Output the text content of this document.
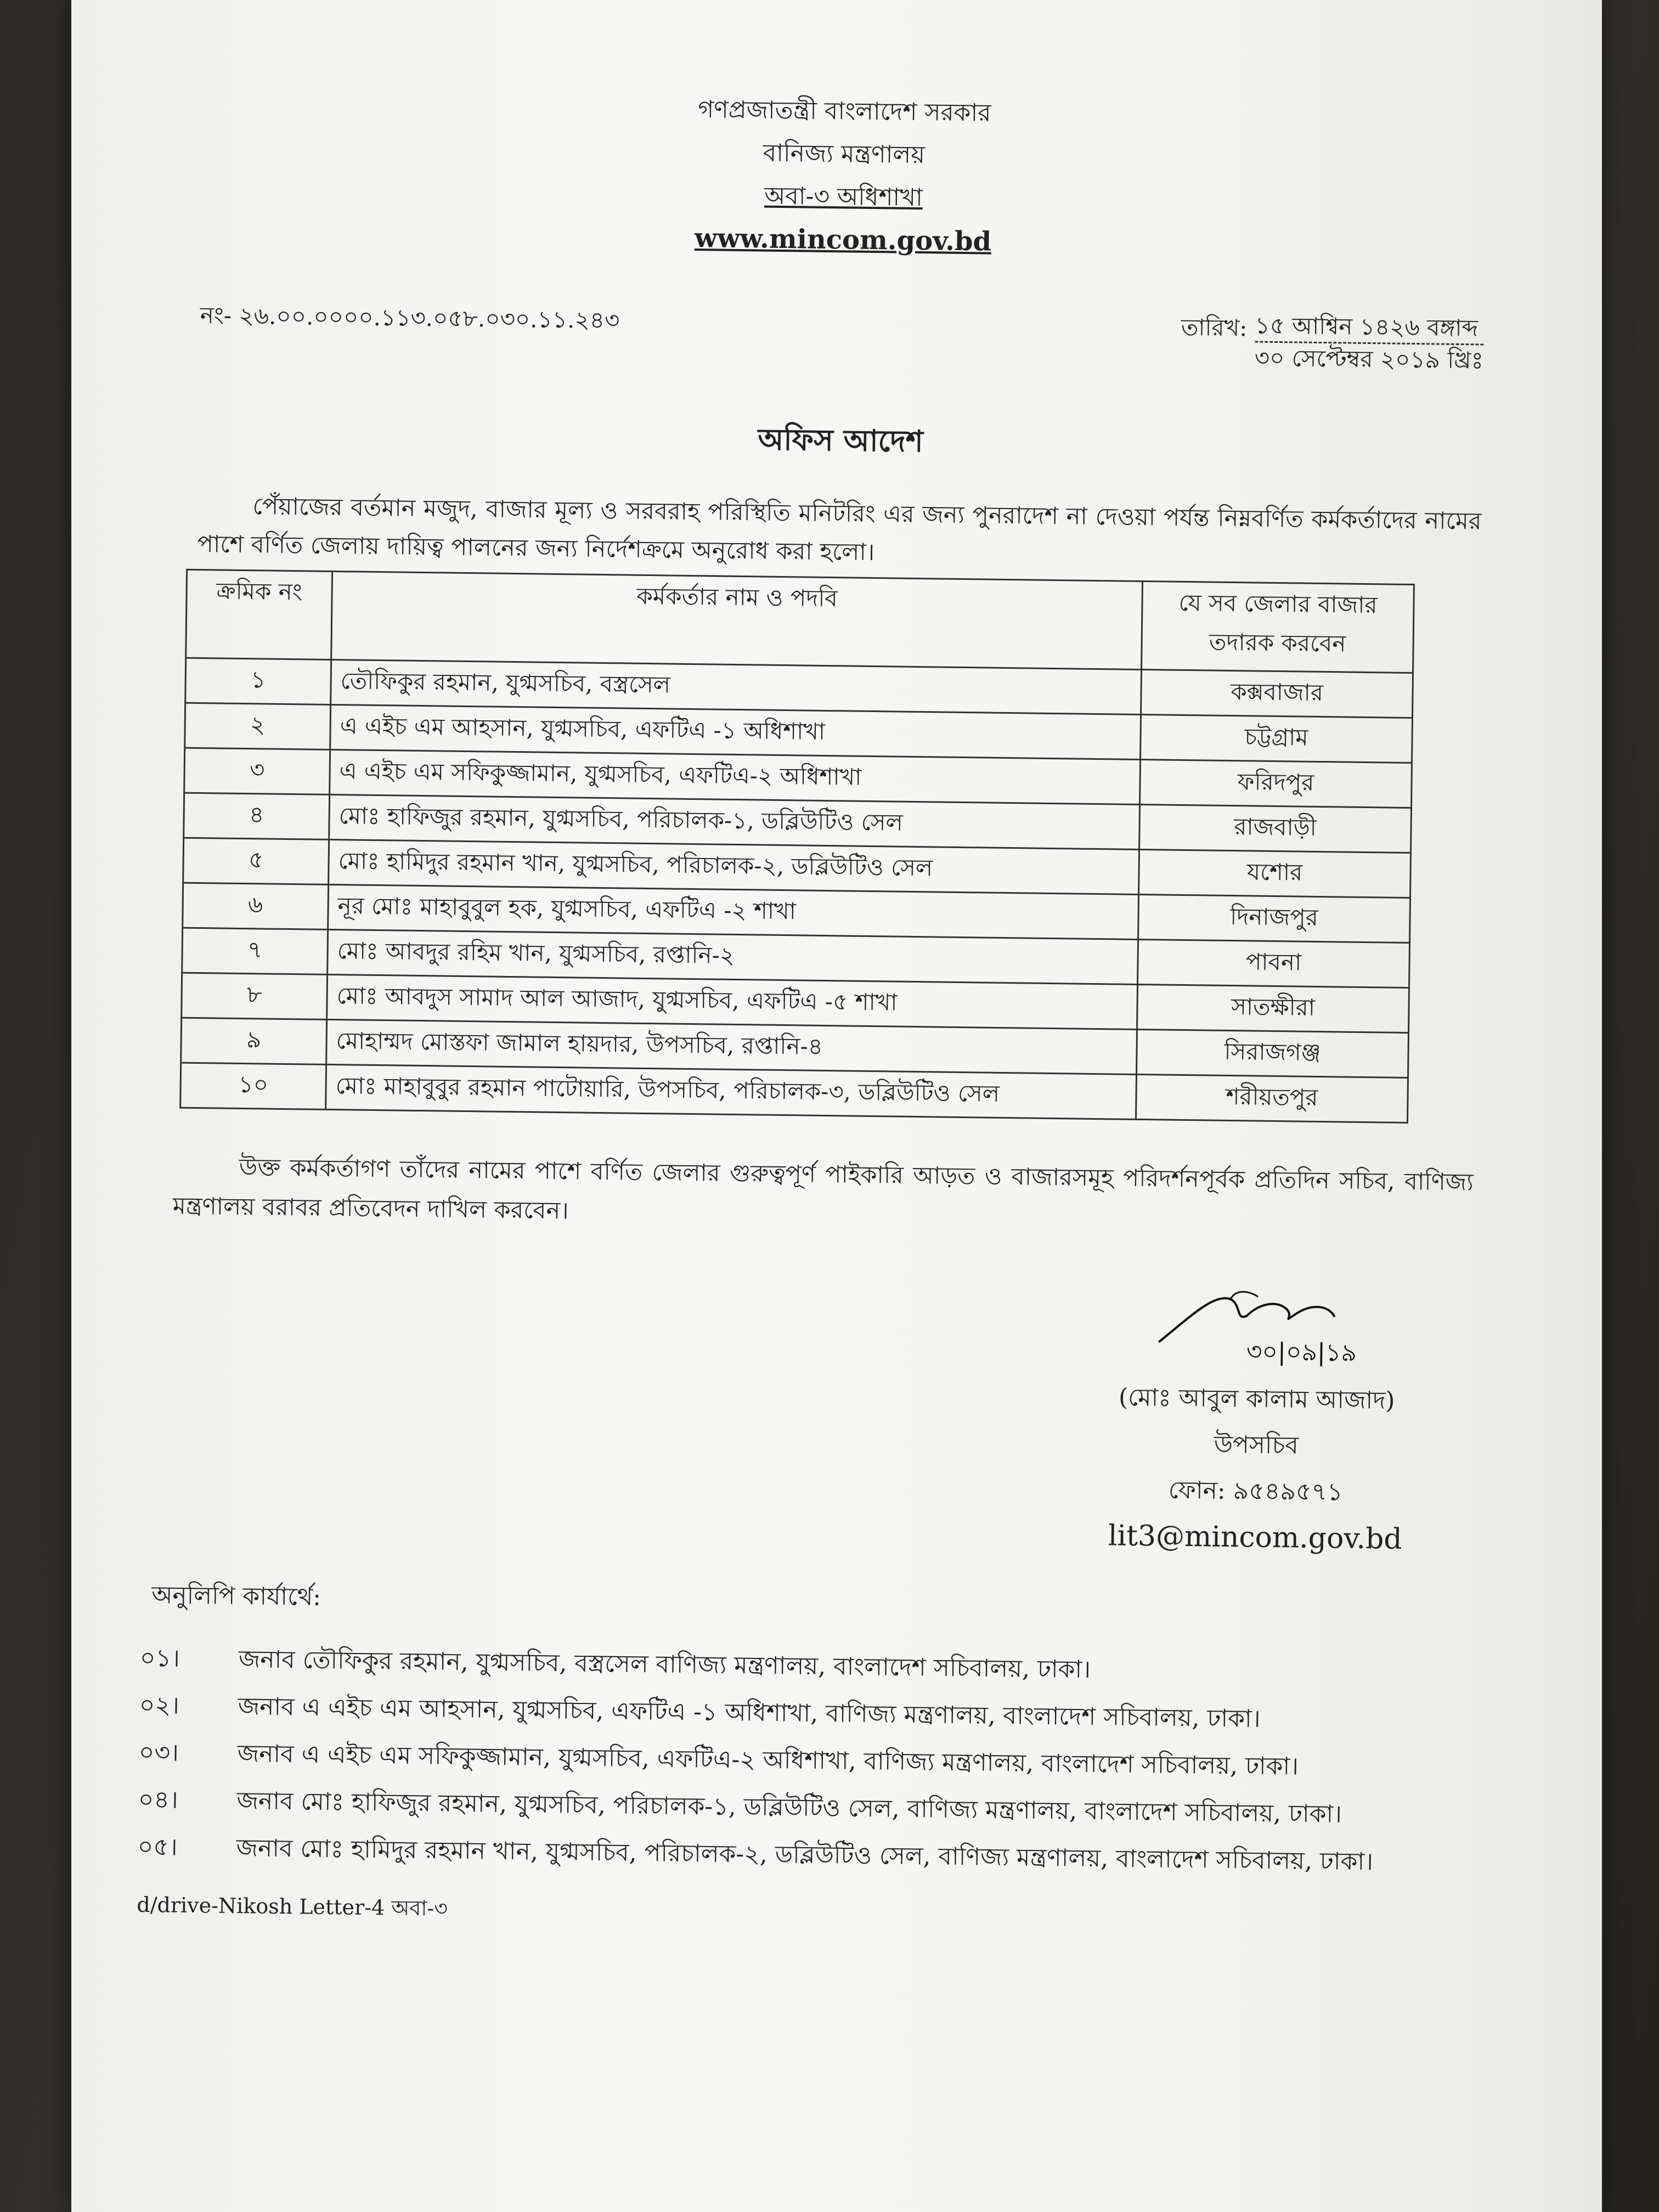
গণপ্রজাতন্ত্রী বাংলাদেশ সরকার
বানিজ্য মন্ত্রণালয়
অবা-৩ অধিশাখা
www.mincom.gov.bd
নং- ২৬.০০.০০০০.১১৩.০৫৮.০৩০.১১.২৪৩	তারিখ: ১৫ আশ্বিন ১৪২৬ বঙ্গাব্দ
৩০ সেপ্টেম্বর ২০১৯ খ্রিঃ
অফিস আদেশ
পেঁয়াজের বর্তমান মজুদ, বাজার মূল্য ও সরবরাহ পরিস্থিতি মনিটরিং এর জন্য পুনরাদেশ না দেওয়া পর্যন্ত নিম্নবর্ণিত কর্মকর্তাদের নামের পাশে বর্ণিত জেলায় দায়িত্ব পালনের জন্য নির্দেশক্রমে অনুরোধ করা হলো।
ক্রমিক নং	কর্মকর্তার নাম ও পদবি	যে সব জেলার বাজার তদারক করবেন
১	তৌফিকুর রহমান, যুগ্মসচিব, বস্ত্রসেল	কক্সবাজার
২	এ এইচ এম আহসান, যুগ্মসচিব, এফটিএ -১ অধিশাখা	চট্টগ্রাম
৩	এ এইচ এম সফিকুজ্জামান, যুগ্মসচিব, এফটিএ-২ অধিশাখা	ফরিদপুর
৪	মোঃ হাফিজুর রহমান, যুগ্মসচিব, পরিচালক-১, ডব্লিউটিও সেল	রাজবাড়ী
৫	মোঃ হামিদুর রহমান খান, যুগ্মসচিব, পরিচালক-২, ডব্লিউটিও সেল	যশোর
৬	নূর মোঃ মাহাবুবুল হক, যুগ্মসচিব, এফটিএ -২ শাখা	দিনাজপুর
৭	মোঃ আবদুর রহিম খান, যুগ্মসচিব, রপ্তানি-২	পাবনা
৮	মোঃ আবদুস সামাদ আল আজাদ, যুগ্মসচিব, এফটিএ -৫ শাখা	সাতক্ষীরা
৯	মোহাম্মদ মোস্তফা জামাল হায়দার, উপসচিব, রপ্তানি-৪	সিরাজগঞ্জ
১০	মোঃ মাহাবুবুর রহমান পাটোয়ারি, উপসচিব, পরিচালক-৩, ডব্লিউটিও সেল	শরীয়তপুর
উক্ত কর্মকর্তাগণ তাঁদের নামের পাশে বর্ণিত জেলার গুরুত্বপূর্ণ পাইকারি আড়ত ও বাজারসমূহ পরিদর্শনপূর্বক প্রতিদিন সচিব, বাণিজ্য মন্ত্রণালয় বরাবর প্রতিবেদন দাখিল করবেন।
৩০|০৯|১৯
(মোঃ আবুল কালাম আজাদ)
উপসচিব
ফোন: ৯৫৪৯৫৭১
lit3@mincom.gov.bd
অনুলিপি কার্যার্থে:
০১।	জনাব তৌফিকুর রহমান, যুগ্মসচিব, বস্ত্রসেল বাণিজ্য মন্ত্রণালয়, বাংলাদেশ সচিবালয়, ঢাকা।
০২।	জনাব এ এইচ এম আহসান, যুগ্মসচিব, এফটিএ -১ অধিশাখা, বাণিজ্য মন্ত্রণালয়, বাংলাদেশ সচিবালয়, ঢাকা।
০৩।	জনাব এ এইচ এম সফিকুজ্জামান, যুগ্মসচিব, এফটিএ-২ অধিশাখা, বাণিজ্য মন্ত্রণালয়, বাংলাদেশ সচিবালয়, ঢাকা।
০৪।	জনাব মোঃ হাফিজুর রহমান, যুগ্মসচিব, পরিচালক-১, ডব্লিউটিও সেল, বাণিজ্য মন্ত্রণালয়, বাংলাদেশ সচিবালয়, ঢাকা।
০৫।	জনাব মোঃ হামিদুর রহমান খান, যুগ্মসচিব, পরিচালক-২, ডব্লিউটিও সেল, বাণিজ্য মন্ত্রণালয়, বাংলাদেশ সচিবালয়, ঢাকা।
d/drive-Nikosh Letter-4 অবা-৩
